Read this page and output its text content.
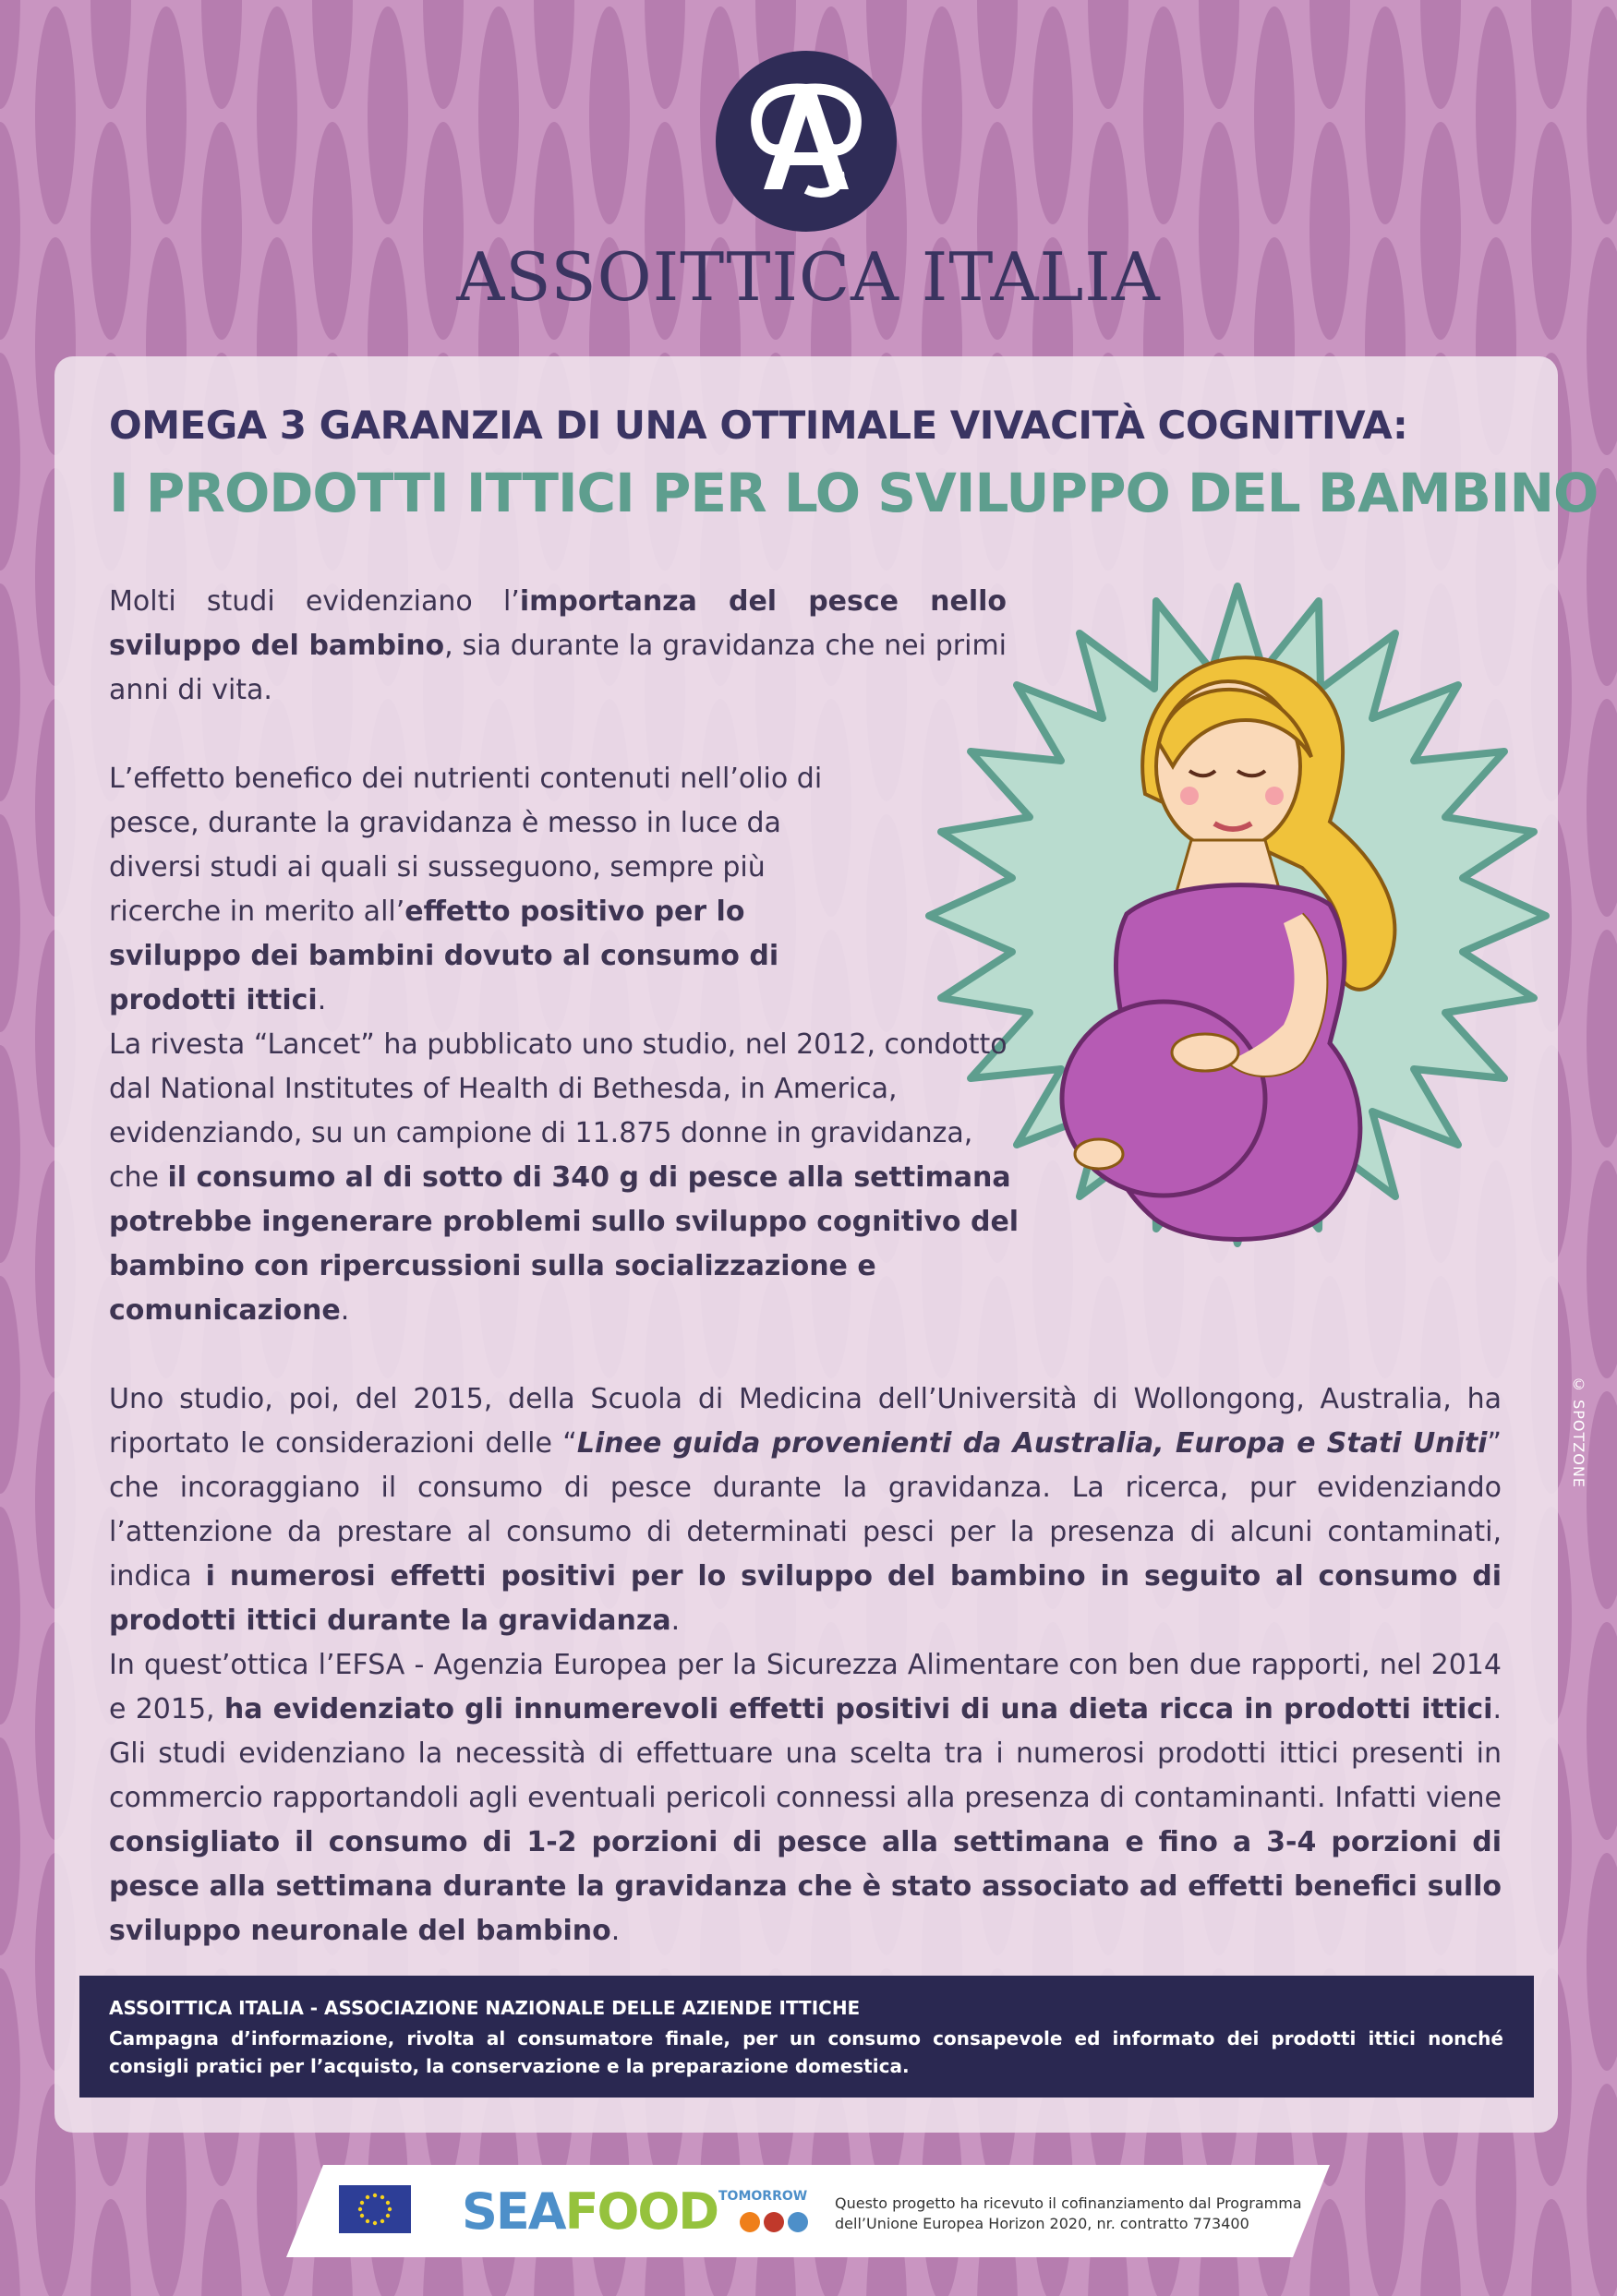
ASSOITTICA ITALIA
OMEGA 3 GARANZIA DI UNA OTTIMALE VIVACITÀ COGNITIVA:
I PRODOTTI ITTICI PER LO SVILUPPO DEL BAMBINO
Molti studi evidenziano l’importanza del pesce nello sviluppo del bambino, sia durante la gravidanza che nei primi anni di vita.
L’effetto benefico dei nutrienti contenuti nell’olio di pesce, durante la gravidanza è messo in luce da diversi studi ai quali si susseguono, sempre più ricerche in merito all’effetto positivo per lo sviluppo dei bambini dovuto al consumo di prodotti ittici.
La rivesta “Lancet” ha pubblicato uno studio, nel 2012, condotto dal National Institutes of Health di Bethesda, in America, evidenziando, su un campione di 11.875 donne in gravidanza, che il consumo al di sotto di 340 g di pesce alla settimana potrebbe ingenerare problemi sullo sviluppo cognitivo del bambino con ripercussioni sulla socializzazione e comunicazione.
Uno studio, poi, del 2015, della Scuola di Medicina dell’Università di Wollongong, Australia, ha riportato le considerazioni delle “Linee guida provenienti da Australia, Europa e Stati Uniti” che incoraggiano il consumo di pesce durante la gravidanza. La ricerca, pur evidenziando l’attenzione da prestare al consumo di determinati pesci per la presenza di alcuni contaminati, indica i numerosi effetti positivi per lo sviluppo del bambino in seguito al consumo di prodotti ittici durante la gravidanza.
In quest’ottica l’EFSA - Agenzia Europea per la Sicurezza Alimentare con ben due rapporti, nel 2014 e 2015, ha evidenziato gli innumerevoli effetti positivi di una dieta ricca in prodotti ittici. Gli studi evidenziano la necessità di effettuare una scelta tra i numerosi prodotti ittici presenti in commercio rapportandoli agli eventuali pericoli connessi alla presenza di contaminanti. Infatti viene consigliato il consumo di 1-2 porzioni di pesce alla settimana e fino a 3-4 porzioni di pesce alla settimana durante la gravidanza che è stato associato ad effetti benefici sullo sviluppo neuronale del bambino.
© SPOTZONE
ASSOITTICA ITALIA - ASSOCIAZIONE NAZIONALE DELLE AZIENDE ITTICHE
Campagna d’informazione, rivolta al consumatore finale, per un consumo consapevole ed informato dei prodotti ittici nonché consigli pratici per l’acquisto, la conservazione e la preparazione domestica.
SEAFOOD TOMORROW Questo progetto ha ricevuto il cofinanziamento dal Programma dell’Unione Europea Horizon 2020, nr. contratto 773400
